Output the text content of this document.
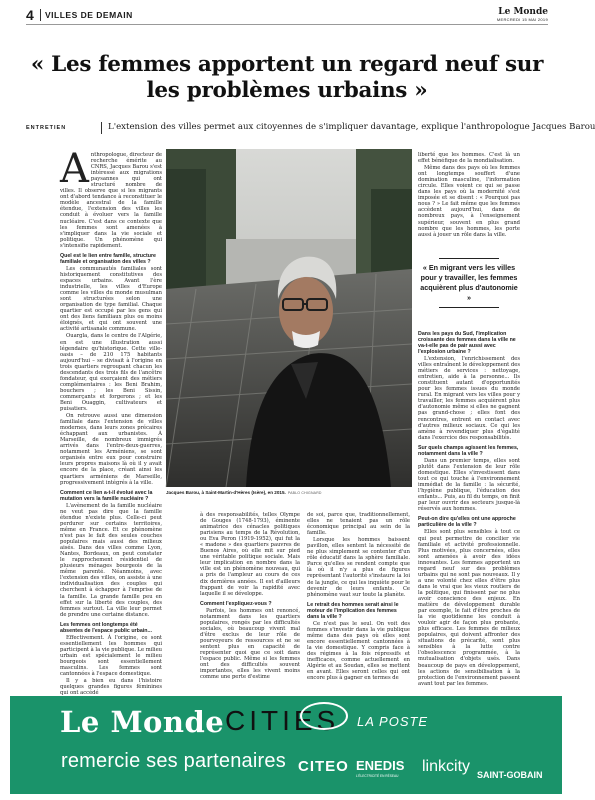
4 VILLES DE DEMAIN	Le Monde
MERCREDI 15 MAI 2019
« Les femmes apportent un regard neuf sur les problèmes urbains »
ENTRETIEN	L'extension des villes permet aux citoyennes de s'impliquer davantage, explique l'anthropologue Jacques Barou
A nthropologue, directeur de recherche émérite au CNRS, Jacques Barou s'est intéressé aux migrations paysannes qui ont structuré nombre de villes. Il observe que si les migrants ont d'abord tendance à reconstituer le modèle ancestral de la famille étendue, l'extension des villes les conduit à évoluer vers la famille nucléaire. C'est dans ce contexte que les femmes sont amenées à s'impliquer dans la vie sociale et politique. Un phénomène qui s'intensifie rapidement.

Quel est le lien entre famille, structure familiale et organisation des villes ?

Les communautés familiales sont historiquement constitutives des espaces urbains. Avant l'ère industrielle, les villes d'Europe comme les villes du monde musulman sont structurées selon une organisation de type familial. Chaque quartier est occupé par les gens qui ont des liens familiaux plus ou moins éloignés, et qui ont souvent une activité artisanale commune.

Ouargla, dans le centre de l'Algérie, en est une illustration aussi légendaire qu'historique. Cette ville-oasis – de 210 175 habitants aujourd'hui – se divisait à l'origine en trois quartiers regroupant chacun les descendants des trois fils de l'ancêtre fondateur, qui exerçaient des métiers complémentaires : les Beni Brahim, bouchers ; les Beni Sissin, commerçants et forgerons ; et les Beni Ouaggin, cultivateurs et puisatiers.

On retrouve aussi une dimension familiale dans l'extension de villes modernes, dans leurs zones précaires échappant aux urbanistes. À Marseille, de nombreux immigrés arrivés dans l'entre-deux-guerres, notamment les Arméniens, se sont organisés entre eux pour construire leurs propres maisons là où il y avait encore de la place, créant ainsi les quartiers arméniens de Marseille, progressivement intégrés à la ville.

Comment ce lien a-t-il évolué avec la mutation vers la famille nucléaire ?

L'avènement de la famille nucléaire ne veut pas dire que la famille étendue n'existe plus. Celle-ci peut perdurer sur certains territoires, même en France. Et ce phénomène n'est pas le fait des seules couches populaires mais aussi des milieux aisés. Dans des villes comme Lyon, Nantes, Bordeaux, on peut constater le rapprochement résidentiel de plusieurs ménages bourgeois de la même parenté. Néanmoins, avec l'extension des villes, on assiste à une individualisation des couples qui cherchent à échapper à l'emprise de la famille. La grande famille peu en effet sur la liberté des couples, des femmes surtout. La ville leur permet de prendre une certaine distance.

Les femmes ont longtemps été absentes de l'espace public urbain...

Effectivement. À l'origine, ce sont essentiellement les hommes qui participent à la vie publique. Le milieu urbain est spécialement le milieu bourgeois sont essentiellement masculins. Les femmes sont cantonnées à l'espace domestique.

Il y a bien eu dans l'histoire quelques grandes figures féminines qui ont accédé

Jacques Barou, à Saint-Martin-d'Hères (Isère), en 2015. PABLO CHIGNARD

à des responsabilités, telles Olympe de Gouges (1748-1793), éminente animatrice des cénacles politiques parisiens au temps de la Révolution, ou Eva Peron (1919-1952), qui fut la « madone » des quartiers pauvres de Buenos Aires, où elle mit sur pied une véritable politique sociale. Mais leur implication en nombre dans la ville est un phénomène nouveau, qui a pris de l'ampleur au cours de ces dix dernières années. Il est d'ailleurs frappant de voir la rapidité avec laquelle il se développe.

Comment l'expliquez-vous ?

Parfois, les hommes ont renoncé, notamment dans les quartiers populaires, rongés par les difficultés sociales, où beaucoup vivent mal d'être exclus de leur rôle de pourvoyeurs de ressources et ne se sentent plus en capacité de représenter quoi que ce soit dans l'espace public. Même si les femmes ont des difficultés souvent importantes, elles les vivent moins comme une perte d'estime

de soi, parce que, traditionnellement, elles ne tenaient pas un rôle économique principal au sein de la famille.

Lorsque les hommes baissent pavillon, elles sentent la nécessité de ne plus simplement se contenter d'un rôle éducatif dans la sphère familiale. Parce qu'elles se rendent compte que là où il n'y a plus de figures représentant l'autorité s'instaure la loi de la jungle, ce qui les inquiète pour le devenir de leurs enfants. Ce phénomène vaut sur toute la planète.

Le retrait des hommes serait ainsi le moteur de l'implication des femmes dans la ville ?

Ce n'est pas le seul. On voit des femmes s'investir dans la vie publique même dans des pays où elles sont encore essentiellement cantonnées à la vie domestique. Y compris face à des régimes à la fois répressifs et inefficaces, comme actuellement en Algérie et au Soudan, elles se mettent en avant. Elles seront celles qui ont encore plus à gagner en termes de

liberté que les hommes. C'est là un effet bénéfique de la mondialisation.

Même dans des pays où les femmes ont longtemps souffert d'une domination masculine, l'information circule. Elles voient ce qui se passe dans les pays où la modernité s'est imposée et se disent : « Pourquoi pas nous ? » Le fait même que les femmes accèdent aujourd'hui, dans de nombreux pays, à l'enseignement supérieur, souvent en plus grand nombre que les hommes, les porte aussi à jouer un rôle dans la ville.

Dans les pays du Sud, l'implication croissante des femmes dans la ville ne va-t-elle pas de pair aussi avec l'explosion urbaine ?

L'extension, l'enrichissement des villes entraînent le développement des métiers de services : nettoyage, entretien, aide à la personne... Ils constituent autant d'opportunités pour les femmes issues du monde rural. En migrant vers les villes pour y travailler, les femmes acquièrent plus d'autonomie même si elles ne gagnent pas grand-chose ; elles font des rencontres, entrent en contact avec d'autres milieux sociaux. Ce qui les amène à revendiquer plus d'égalité dans l'exercice des responsabilités.

Sur quels champs agissent les femmes, notamment dans la ville ?

Dans un premier temps, elles sont plutôt dans l'extension de leur rôle domestique. Elles s'investissent dans tout ce qui touche à l'environnement immédiat de la famille : la sécurité, l'hygiène publique, l'éducation des enfants... Puis, au fil du temps, on finit par leur ouvrir des secteurs jusque-là réservés aux hommes.

Peut-on dire qu'elles ont une approche particulière de la ville ?

Elles sont plus sensibles à tout ce qui peut permettre de concilier vie familiale et activité professionnelle. Plus motivées, plus concernées, elles sont amenées à avoir des idées innovantes. Les femmes apportent un regard neuf sur des problèmes urbains qui ne sont pas nouveaux. Il y a une volonté chez elles d'être plus dans le vrai que les vieux routiers de la politique, qui finissent par ne plus avoir conscience des enjeux. En matière de développement durable par exemple, le fait d'être proches de la vie quotidienne les conduit à vouloir agir de façon plus probante, plus efficace. Les femmes de milieux populaires, qui doivent affronter des situations de précarité, sont plus sensibles à la lutte contre l'obsolescence programmée, à la mutualisation d'objets usés. Dans beaucoup de pays en développement, les actions de sensibilisation à la protection de l'environnement passent avant tout par les femmes.

« En migrant vers les villes pour y travailler, les femmes acquièrent plus d'autonomie »
Le Monde CITIES
remercie ses partenaires
LA POSTE
CITEO ENEDIS
L'ÉLECTRICITÉ EN RÉSEAU
linkcity SAINT-GOBAIN
